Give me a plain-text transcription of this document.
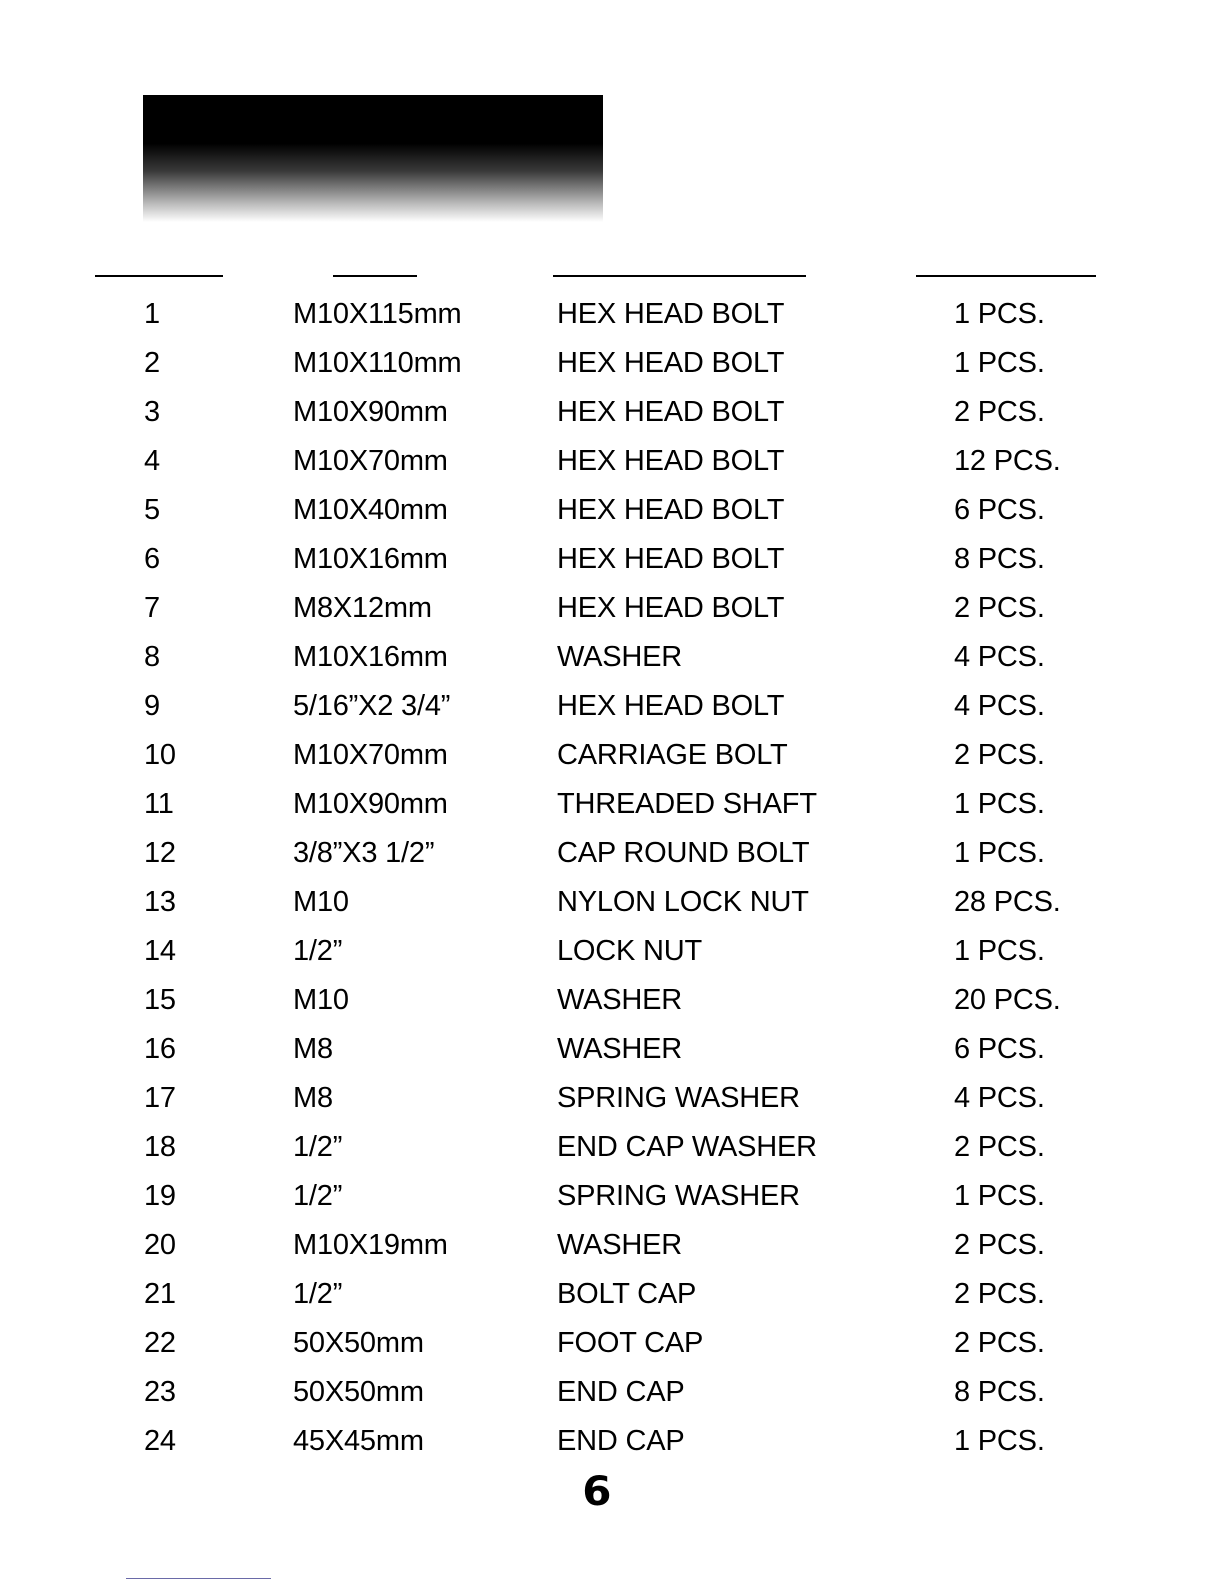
1	M10X115mm	HEX HEAD BOLT	1 PCS.
2	M10X110mm	HEX HEAD BOLT	1 PCS.
3	M10X90mm	HEX HEAD BOLT	2 PCS.
4	M10X70mm	HEX HEAD BOLT	12 PCS.
5	M10X40mm	HEX HEAD BOLT	6 PCS.
6	M10X16mm	HEX HEAD BOLT	8 PCS.
7	M8X12mm	HEX HEAD BOLT	2 PCS.
8	M10X16mm	WASHER	4 PCS.
9	5/16”X2 3/4”	HEX HEAD BOLT	4 PCS.
10	M10X70mm	CARRIAGE BOLT	2 PCS.
11	M10X90mm	THREADED SHAFT	1 PCS.
12	3/8”X3 1/2”	CAP ROUND BOLT	1 PCS.
13	M10	NYLON LOCK NUT	28 PCS.
14	1/2”	LOCK NUT	1 PCS.
15	M10	WASHER	20 PCS.
16	M8	WASHER	6 PCS.
17	M8	SPRING WASHER	4 PCS.
18	1/2”	END CAP WASHER	2 PCS.
19	1/2”	SPRING WASHER	1 PCS.
20	M10X19mm	WASHER	2 PCS.
21	1/2”	BOLT CAP	2 PCS.
22	50X50mm	FOOT CAP	2 PCS.
23	50X50mm	END CAP	8 PCS.
24	45X45mm	END CAP	1 PCS.
6
